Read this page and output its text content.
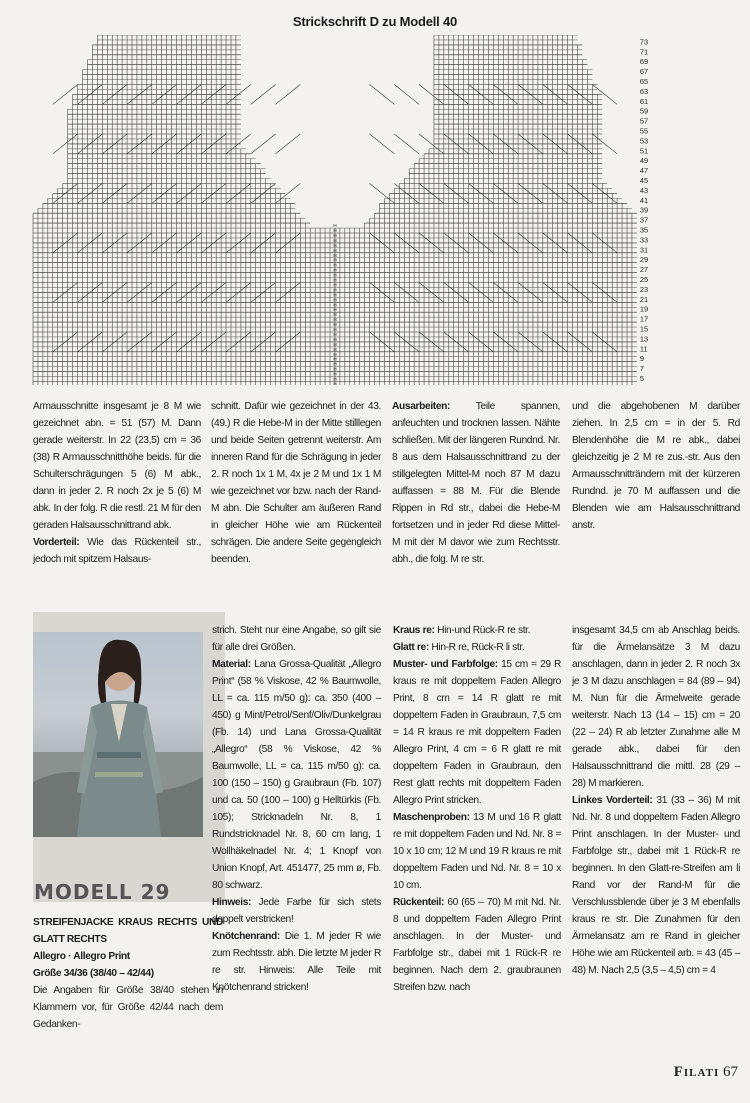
Strickschrift D zu Modell 40
H
H
H
H
H
H
H
H
H
H
H
H
H
H
H
H
H
H
H
H
H
H
H
H
H
H
H
H
H
H
H
H
H
73
71
69
67
65
63
61
59
57
55
53
51
49
47
45
43
41
39
37
35
33
31
29
27
25
23
21
19
17
15
13
11
9
7
5
Armausschnitte insgesamt je 8 M wie gezeichnet abn. = 51 (57) M. Dann gerade weiterstr. In 22 (23,5) cm = 36 (38) R Armausschnitthöhe beids. für die Schulterschrägungen 5 (6) M abk., dann in jeder 2. R noch 2x je 5 (6) M abk. In der folg. R die restl. 21 M für den geraden Halsausschnittrand abk.
Vorderteil: Wie das Rückenteil str., jedoch mit spitzem Halsaus-
schnitt. Dafür wie gezeichnet in der 43. (49.) R die Hebe-M in der Mitte stilllegen und beide Seiten getrennt weiterstr. Am inneren Rand für die Schrägung in jeder 2. R noch 1x 1 M, 4x je 2 M und 1x 1 M wie gezeichnet vor bzw. nach der Rand-M abn. Die Schulter am äußeren Rand in gleicher Höhe wie am Rückenteil schrägen. Die andere Seite gegengleich beenden.
Ausarbeiten: Teile spannen, anfeuchten und trocknen lassen. Nähte schließen. Mit der längeren Rundnd. Nr. 8 aus dem Halsausschnittrand zu der stillgelegten Mittel-M noch 87 M dazu auffassen = 88 M. Für die Blende Rippen in Rd str., dabei die Hebe-M fortsetzen und in jeder Rd diese Mittel-M mit der M davor wie zum Rechtsstr. abh., die folg. M re str.
und die abgehobenen M darüber ziehen. In 2,5 cm = in der 5. Rd Blendenhöhe die M re abk., dabei gleichzeitig je 2 M re zus.-str. Aus den Armausschnitträndern mit der kürzeren Rundnd. je 70 M auffassen und die Blenden wie am Halsausschnittrand anstr.
MODELL 29

STREIFENJACKE KRAUS RECHTS UND GLATT RECHTS

Allegro · Allegro Print

Größe 34/36 (38/40 – 42/44)

Die Angaben für Größe 38/40 stehen in Klammern vor, für Größe 42/44 nach dem Gedanken-

strich. Steht nur eine Angabe, so gilt sie für alle drei Größen.
Material: Lana Grossa-Qualität „Allegro Print“ (58 % Viskose, 42 % Baumwolle, LL = ca. 115 m/50 g): ca. 350 (400 – 450) g Mint/Petrol/Senf/Oliv/Dunkelgrau (Fb. 14) und Lana Grossa-Qualität „Allegro“ (58 % Viskose, 42 % Baumwolle, LL = ca. 115 m/50 g): ca. 100 (150 – 150) g Graubraun (Fb. 107) und ca. 50 (100 – 100) g Helltürkis (Fb. 105); Stricknadeln Nr. 8, 1 Rundstricknadel Nr. 8, 60 cm lang, 1 Wollhäkelnadel Nr. 4; 1 Knopf von Union Knopf, Art. 451477, 25 mm ø, Fb. 80 schwarz.
Hinweis: Jede Farbe für sich stets doppelt verstricken!
Knötchenrand: Die 1. M jeder R wie zum Rechtsstr. abh. Die letzte M jeder R re str. Hinweis: Alle Teile mit Knötchenrand stricken!
Kraus re: Hin-und Rück-R re str.
Glatt re: Hin-R re, Rück-R li str.
Muster- und Farbfolge: 15 cm = 29 R kraus re mit doppeltem Faden Allegro Print, 8 cm = 14 R glatt re mit doppeltem Faden in Graubraun, 7,5 cm = 14 R kraus re mit doppeltem Faden Allegro Print, 4 cm = 6 R glatt re mit doppeltem Faden in Graubraun, den Rest glatt rechts mit doppeltem Faden Allegro Print stricken.
Maschenproben: 13 M und 16 R glatt re mit doppeltem Faden und Nd. Nr. 8 = 10 x 10 cm; 12 M und 19 R kraus re mit doppeltem Faden und Nd. Nr. 8 = 10 x 10 cm.
Rückenteil: 60 (65 – 70) M mit Nd. Nr. 8 und doppeltem Faden Allegro Print anschlagen. In der Muster- und Farbfolge str., dabei mit 1 Rück-R re beginnen. Nach dem 2. graubraunen Streifen bzw. nach
insgesamt 34,5 cm ab Anschlag beids. für die Ärmelansätze 3 M dazu anschlagen, dann in jeder 2. R noch 3x je 3 M dazu anschlagen = 84 (89 – 94) M. Nun für die Ärmelweite gerade weiterstr. Nach 13 (14 – 15) cm = 20 (22 – 24) R ab letzter Zunahme alle M gerade abk., dabei für den Halsausschnittrand die mittl. 28 (29 – 28) M markieren.
Linkes Vorderteil: 31 (33 – 36) M mit Nd. Nr. 8 und doppeltem Faden Allegro Print anschlagen. In der Muster- und Farbfolge str., dabei mit 1 Rück-R re beginnen. In den Glatt-re-Streifen am li Rand vor der Rand-M für die Verschlussblende über je 3 M ebenfalls kraus re str. Die Zunahmen für den Ärmelansatz am re Rand in gleicher Höhe wie am Rückenteil arb. = 43 (45 – 48) M. Nach 2,5 (3,5 – 4,5) cm = 4
Filati 67
